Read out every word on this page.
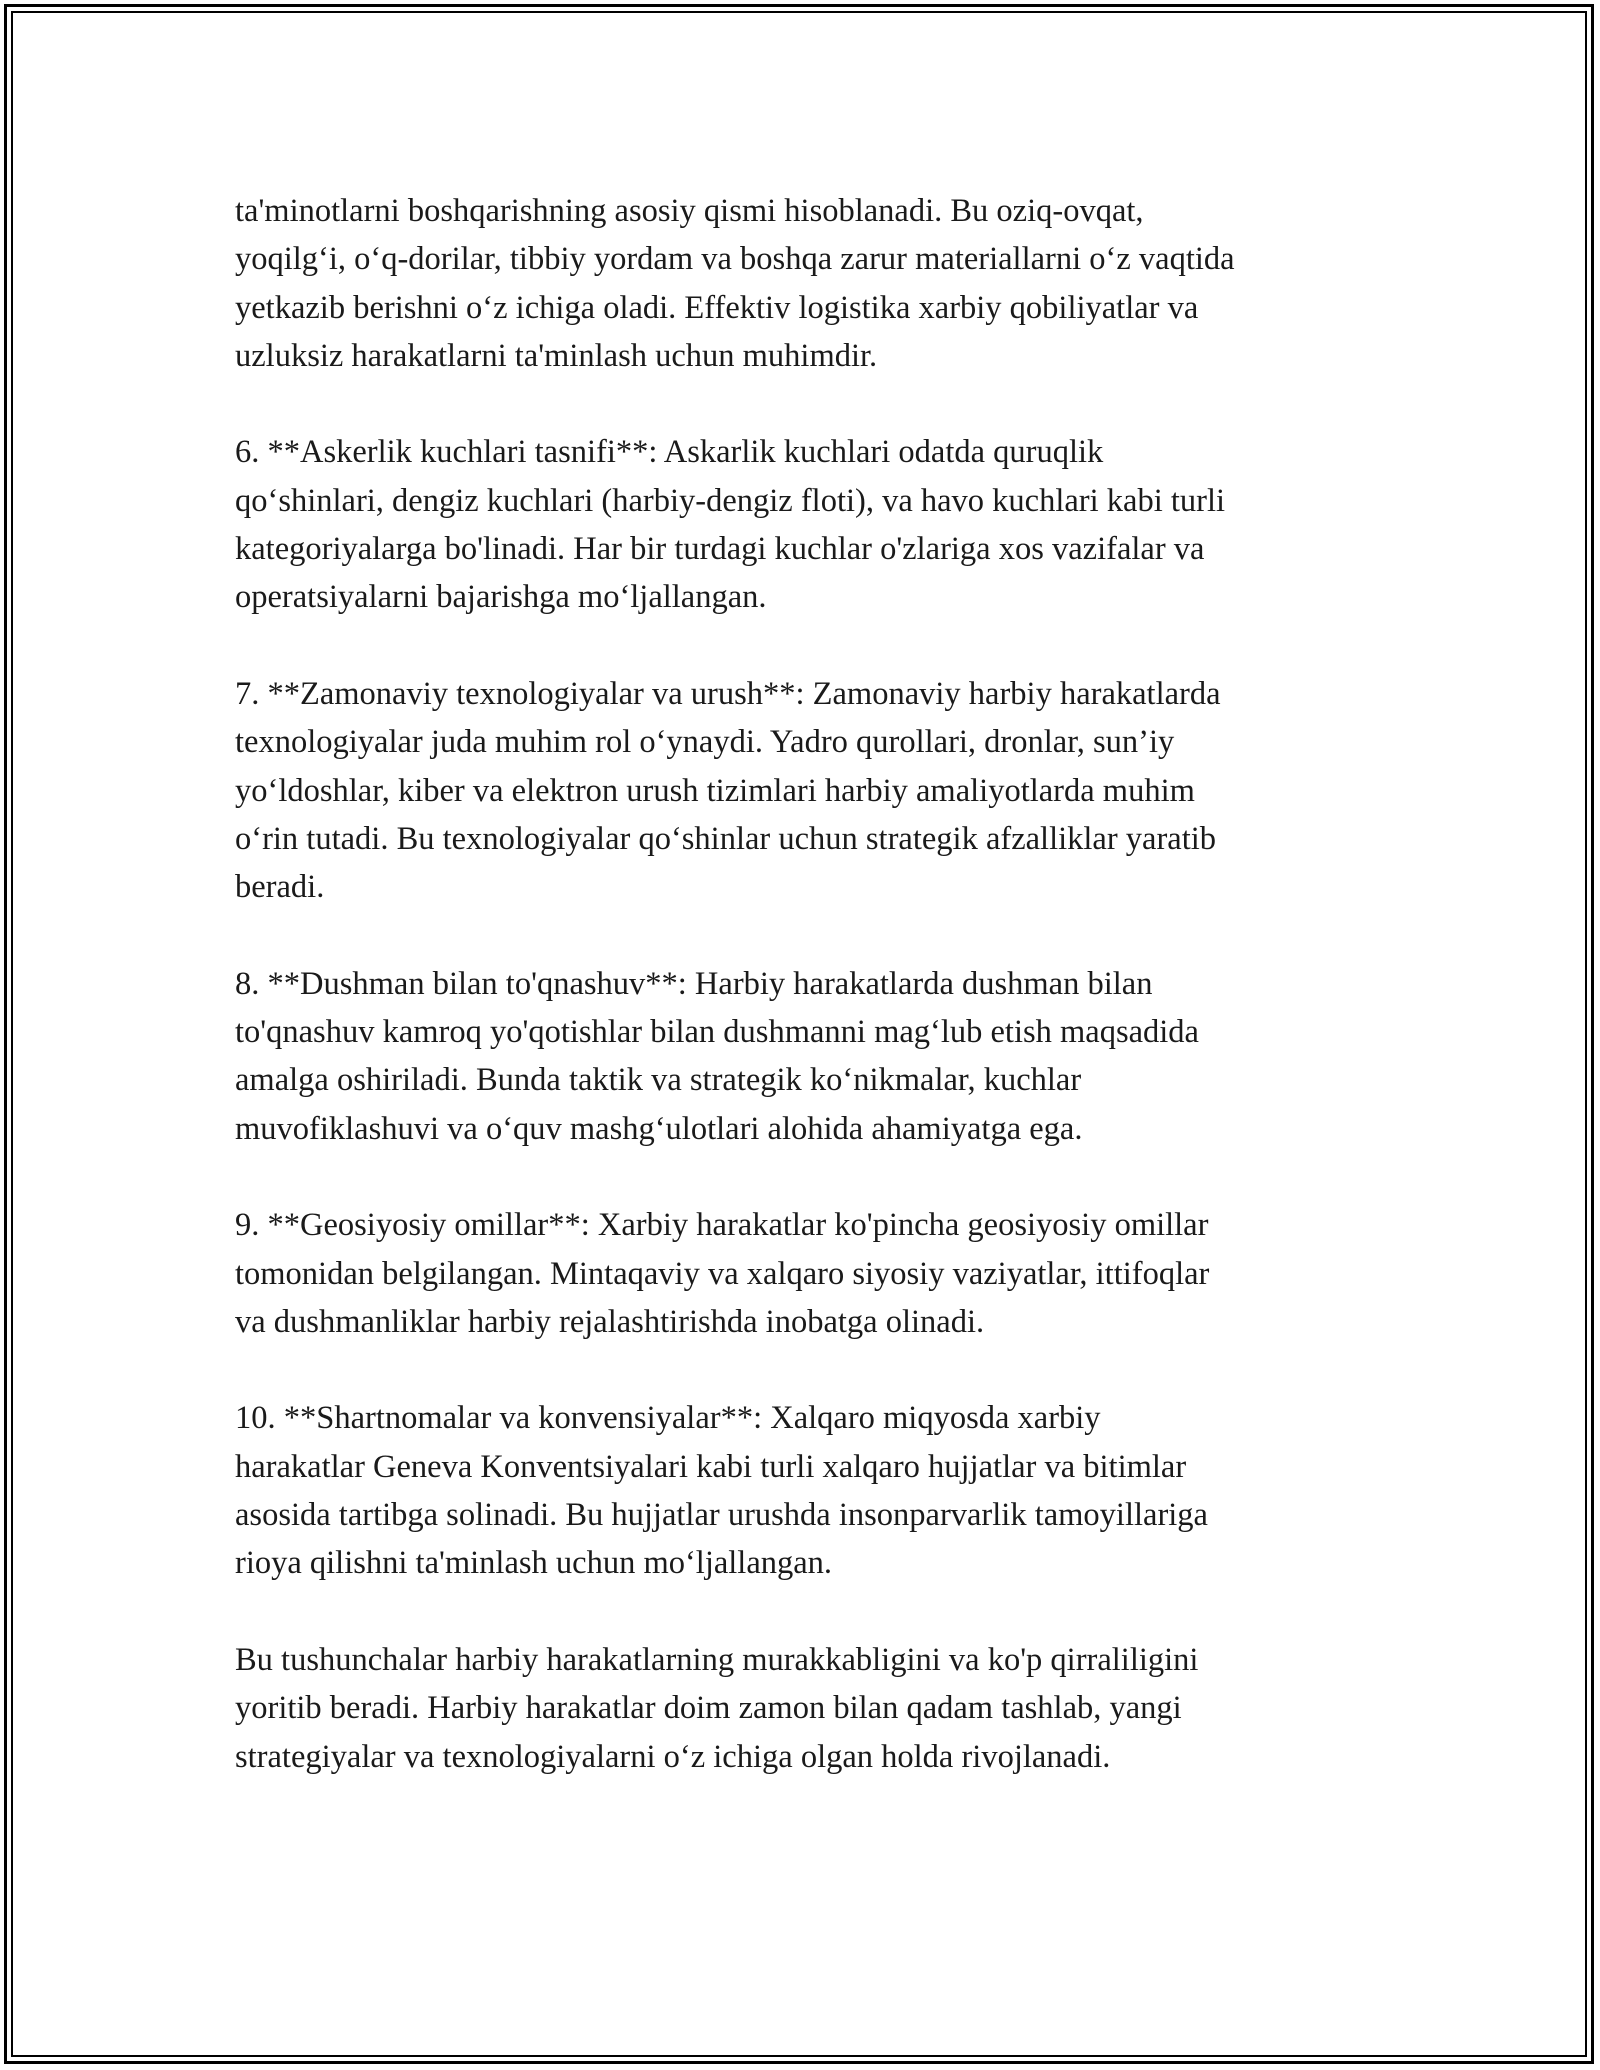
ta'minotlarni boshqarishning asosiy qismi hisoblanadi. Bu oziq-ovqat,
yoqilg‘i, o‘q-dorilar, tibbiy yordam va boshqa zarur materiallarni o‘z vaqtida
yetkazib berishni o‘z ichiga oladi. Effektiv logistika xarbiy qobiliyatlar va
uzluksiz harakatlarni ta'minlash uchun muhimdir.

6. **Askerlik kuchlari tasnifi**: Askarlik kuchlari odatda quruqlik
qo‘shinlari, dengiz kuchlari (harbiy-dengiz floti), va havo kuchlari kabi turli
kategoriyalarga bo'linadi. Har bir turdagi kuchlar o'zlariga xos vazifalar va
operatsiyalarni bajarishga mo‘ljallangan.

7. **Zamonaviy texnologiyalar va urush**: Zamonaviy harbiy harakatlarda
texnologiyalar juda muhim rol o‘ynaydi. Yadro qurollari, dronlar, sun’iy
yo‘ldoshlar, kiber va elektron urush tizimlari harbiy amaliyotlarda muhim
o‘rin tutadi. Bu texnologiyalar qo‘shinlar uchun strategik afzalliklar yaratib
beradi.

8. **Dushman bilan to'qnashuv**: Harbiy harakatlarda dushman bilan
to'qnashuv kamroq yo'qotishlar bilan dushmanni mag‘lub etish maqsadida
amalga oshiriladi. Bunda taktik va strategik ko‘nikmalar, kuchlar
muvofiklashuvi va o‘quv mashg‘ulotlari alohida ahamiyatga ega.

9. **Geosiyosiy omillar**: Xarbiy harakatlar ko'pincha geosiyosiy omillar
tomonidan belgilangan. Mintaqaviy va xalqaro siyosiy vaziyatlar, ittifoqlar
va dushmanliklar harbiy rejalashtirishda inobatga olinadi.

10. **Shartnomalar va konvensiyalar**: Xalqaro miqyosda xarbiy
harakatlar Geneva Konventsiyalari kabi turli xalqaro hujjatlar va bitimlar
asosida tartibga solinadi. Bu hujjatlar urushda insonparvarlik tamoyillariga
rioya qilishni ta'minlash uchun mo‘ljallangan.

Bu tushunchalar harbiy harakatlarning murakkabligini va ko'p qirraliligini
yoritib beradi. Harbiy harakatlar doim zamon bilan qadam tashlab, yangi
strategiyalar va texnologiyalarni o‘z ichiga olgan holda rivojlanadi.
